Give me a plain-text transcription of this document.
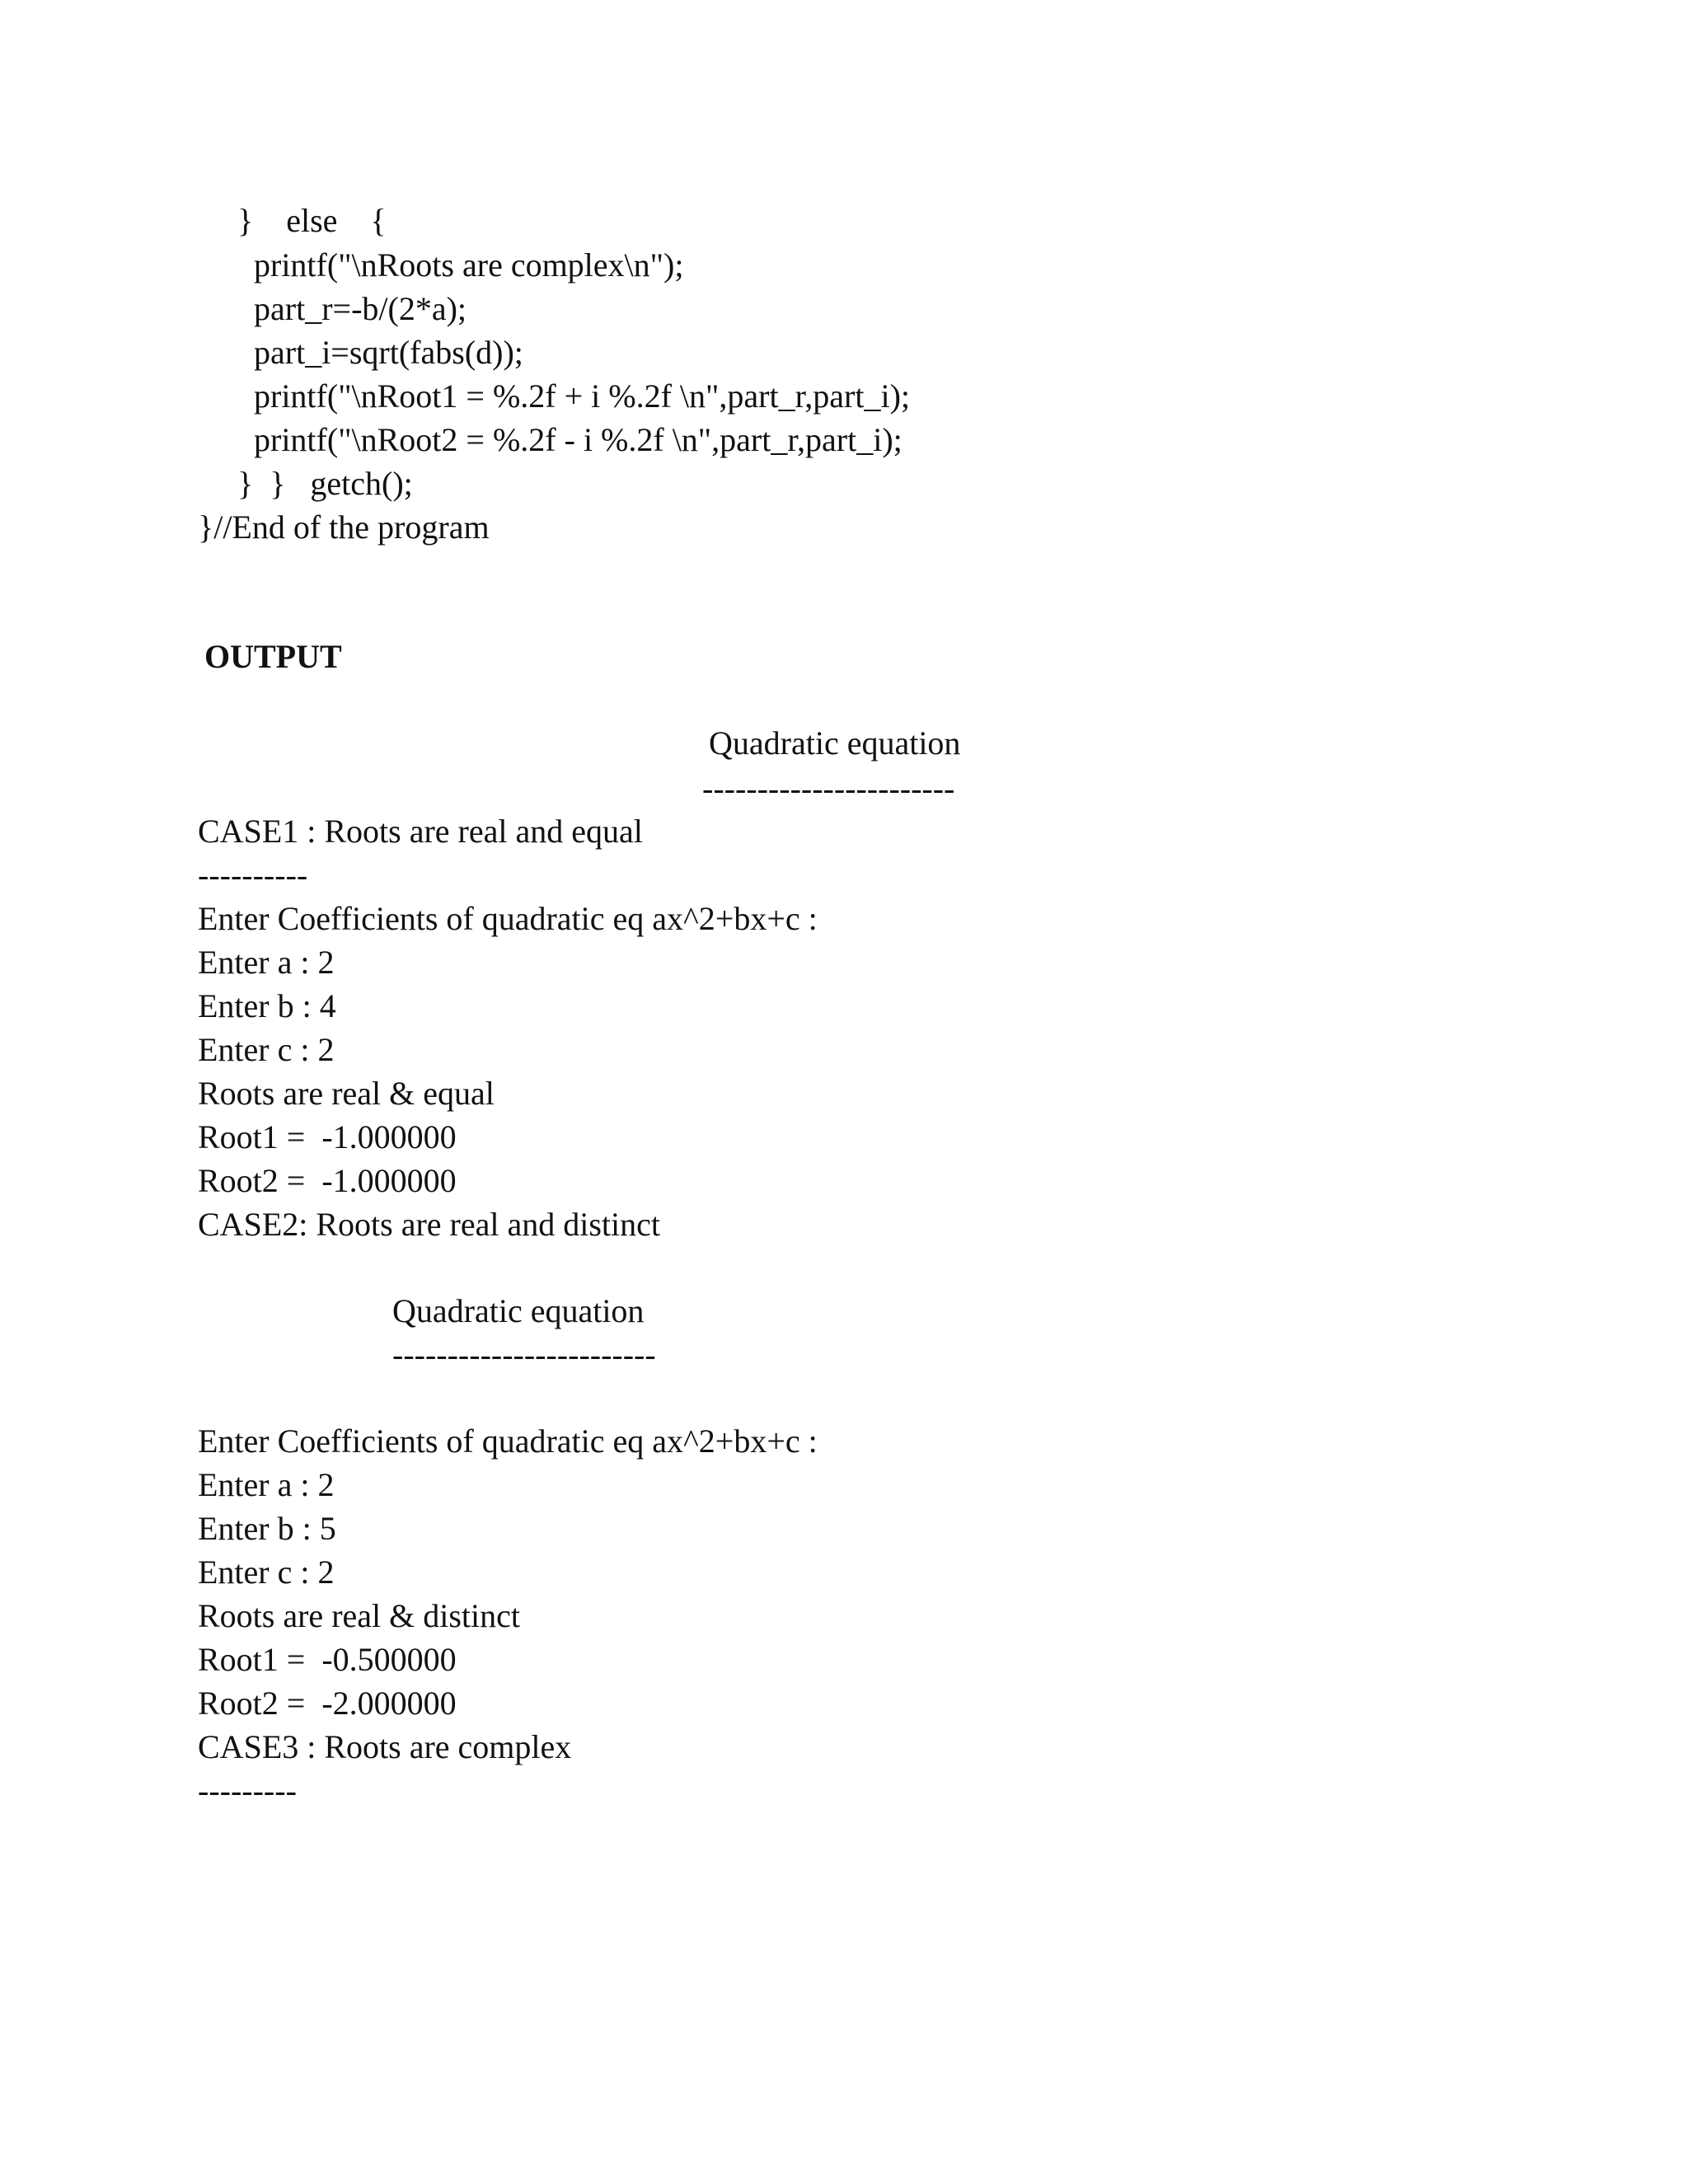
}    else    {

printf("\nRoots are complex\n");

part_r=-b/(2*a);

part_i=sqrt(fabs(d));

printf("\nRoot1 = %.2f + i %.2f \n",part_r,part_i);

printf("\nRoot2 = %.2f - i %.2f \n",part_r,part_i);

}  }   getch();

}//End of the program

OUTPUT

Quadratic equation

-----------------------

CASE1 : Roots are real and equal

----------

Enter Coefficients of quadratic eq ax^2+bx+c :

Enter a : 2

Enter b : 4

Enter c : 2

Roots are real & equal

Root1 =  -1.000000

Root2 =  -1.000000

CASE2: Roots are real and distinct

Quadratic equation

------------------------

Enter Coefficients of quadratic eq ax^2+bx+c :

Enter a : 2

Enter b : 5

Enter c : 2

Roots are real & distinct

Root1 =  -0.500000

Root2 =  -2.000000

CASE3 : Roots are complex

---------
